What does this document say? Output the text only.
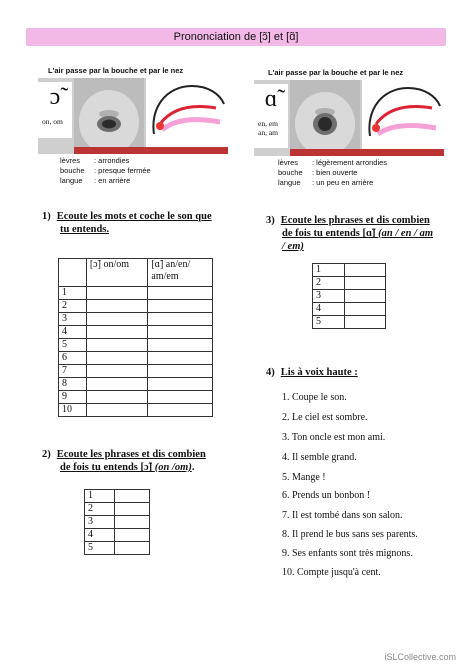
Prononciation de [ɔ̃] et [ɑ̃]
L'air passe par la bouche et par le nez
ɔ̃
on, om
lèvres	: arrondies
bouche	: presque fermée
langue	: en arrière
L'air passe par la bouche et par le nez
ɑ̃
en, em
an, am
lèvres	: légèrement arrondies
bouche	: bien ouverte
langue	: un peu en arrière
1) Ecoute les mots et coche le son que
tu entends.
	[ɔ̃] on/om	[ɑ̃] an/en/
am/em

1		
2		
3		
4		
5		
6		
7		
8		
9		
10		
2) Ecoute les phrases et dis combien
de fois tu entends [ɔ̃] (on /om).
1	
2	
3	
4	
5	
3) Ecoute les phrases et dis combien
de fois tu entends [ɑ̃] (an / en / am
/ em)
1	
2	
3	
4	
5	
4) Lis à voix haute :
1. Coupe le son.
2. Le ciel est sombre.
3. Ton oncle est mon ami.
4. Il semble grand.
5. Mange !
6. Prends un bonbon !
7. Il est tombé dans son salon.
8. Il prend le bus sans ses parents.
9. Ses enfants sont très mignons.
10. Compte jusqu'à cent.
iSLCollective.com
